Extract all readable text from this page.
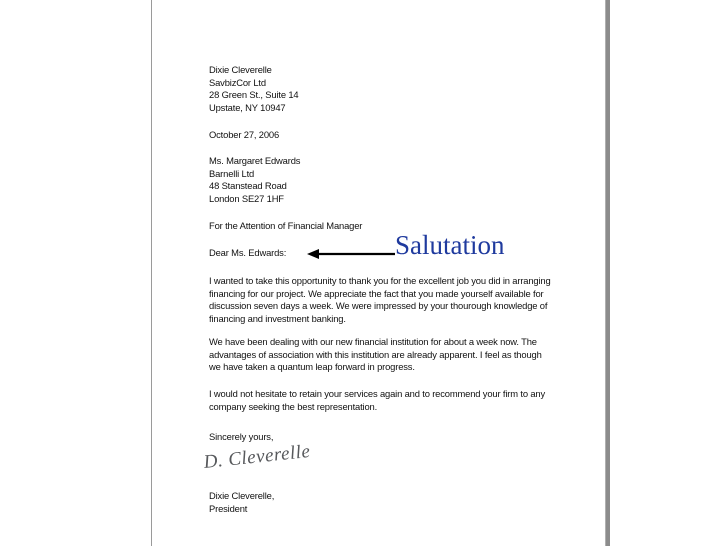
Dixie Cleverelle
SavbizCor Ltd
28 Green St., Suite 14
Upstate, NY 10947
October 27, 2006
Ms. Margaret Edwards
Barnelli Ltd
48 Stanstead Road
London SE27 1HF
For the Attention of Financial Manager
Dear Ms. Edwards:	Salutation
I wanted to take this opportunity to thank you for the excellent job you did in arranging
financing for our project. We appreciate the fact that you made yourself available for
discussion seven days a week. We were impressed by your thourough knowledge of
financing and investment banking.
We have been dealing with our new financial institution for about a week now. The
advantages of association with this institution are already apparent. I feel as though
we have taken a quantum leap forward in progress.
I would not hesitate to retain your services again and to recommend your firm to any
company seeking the best representation.
Sincerely yours,
D. Cleverelle
Dixie Cleverelle,
President
